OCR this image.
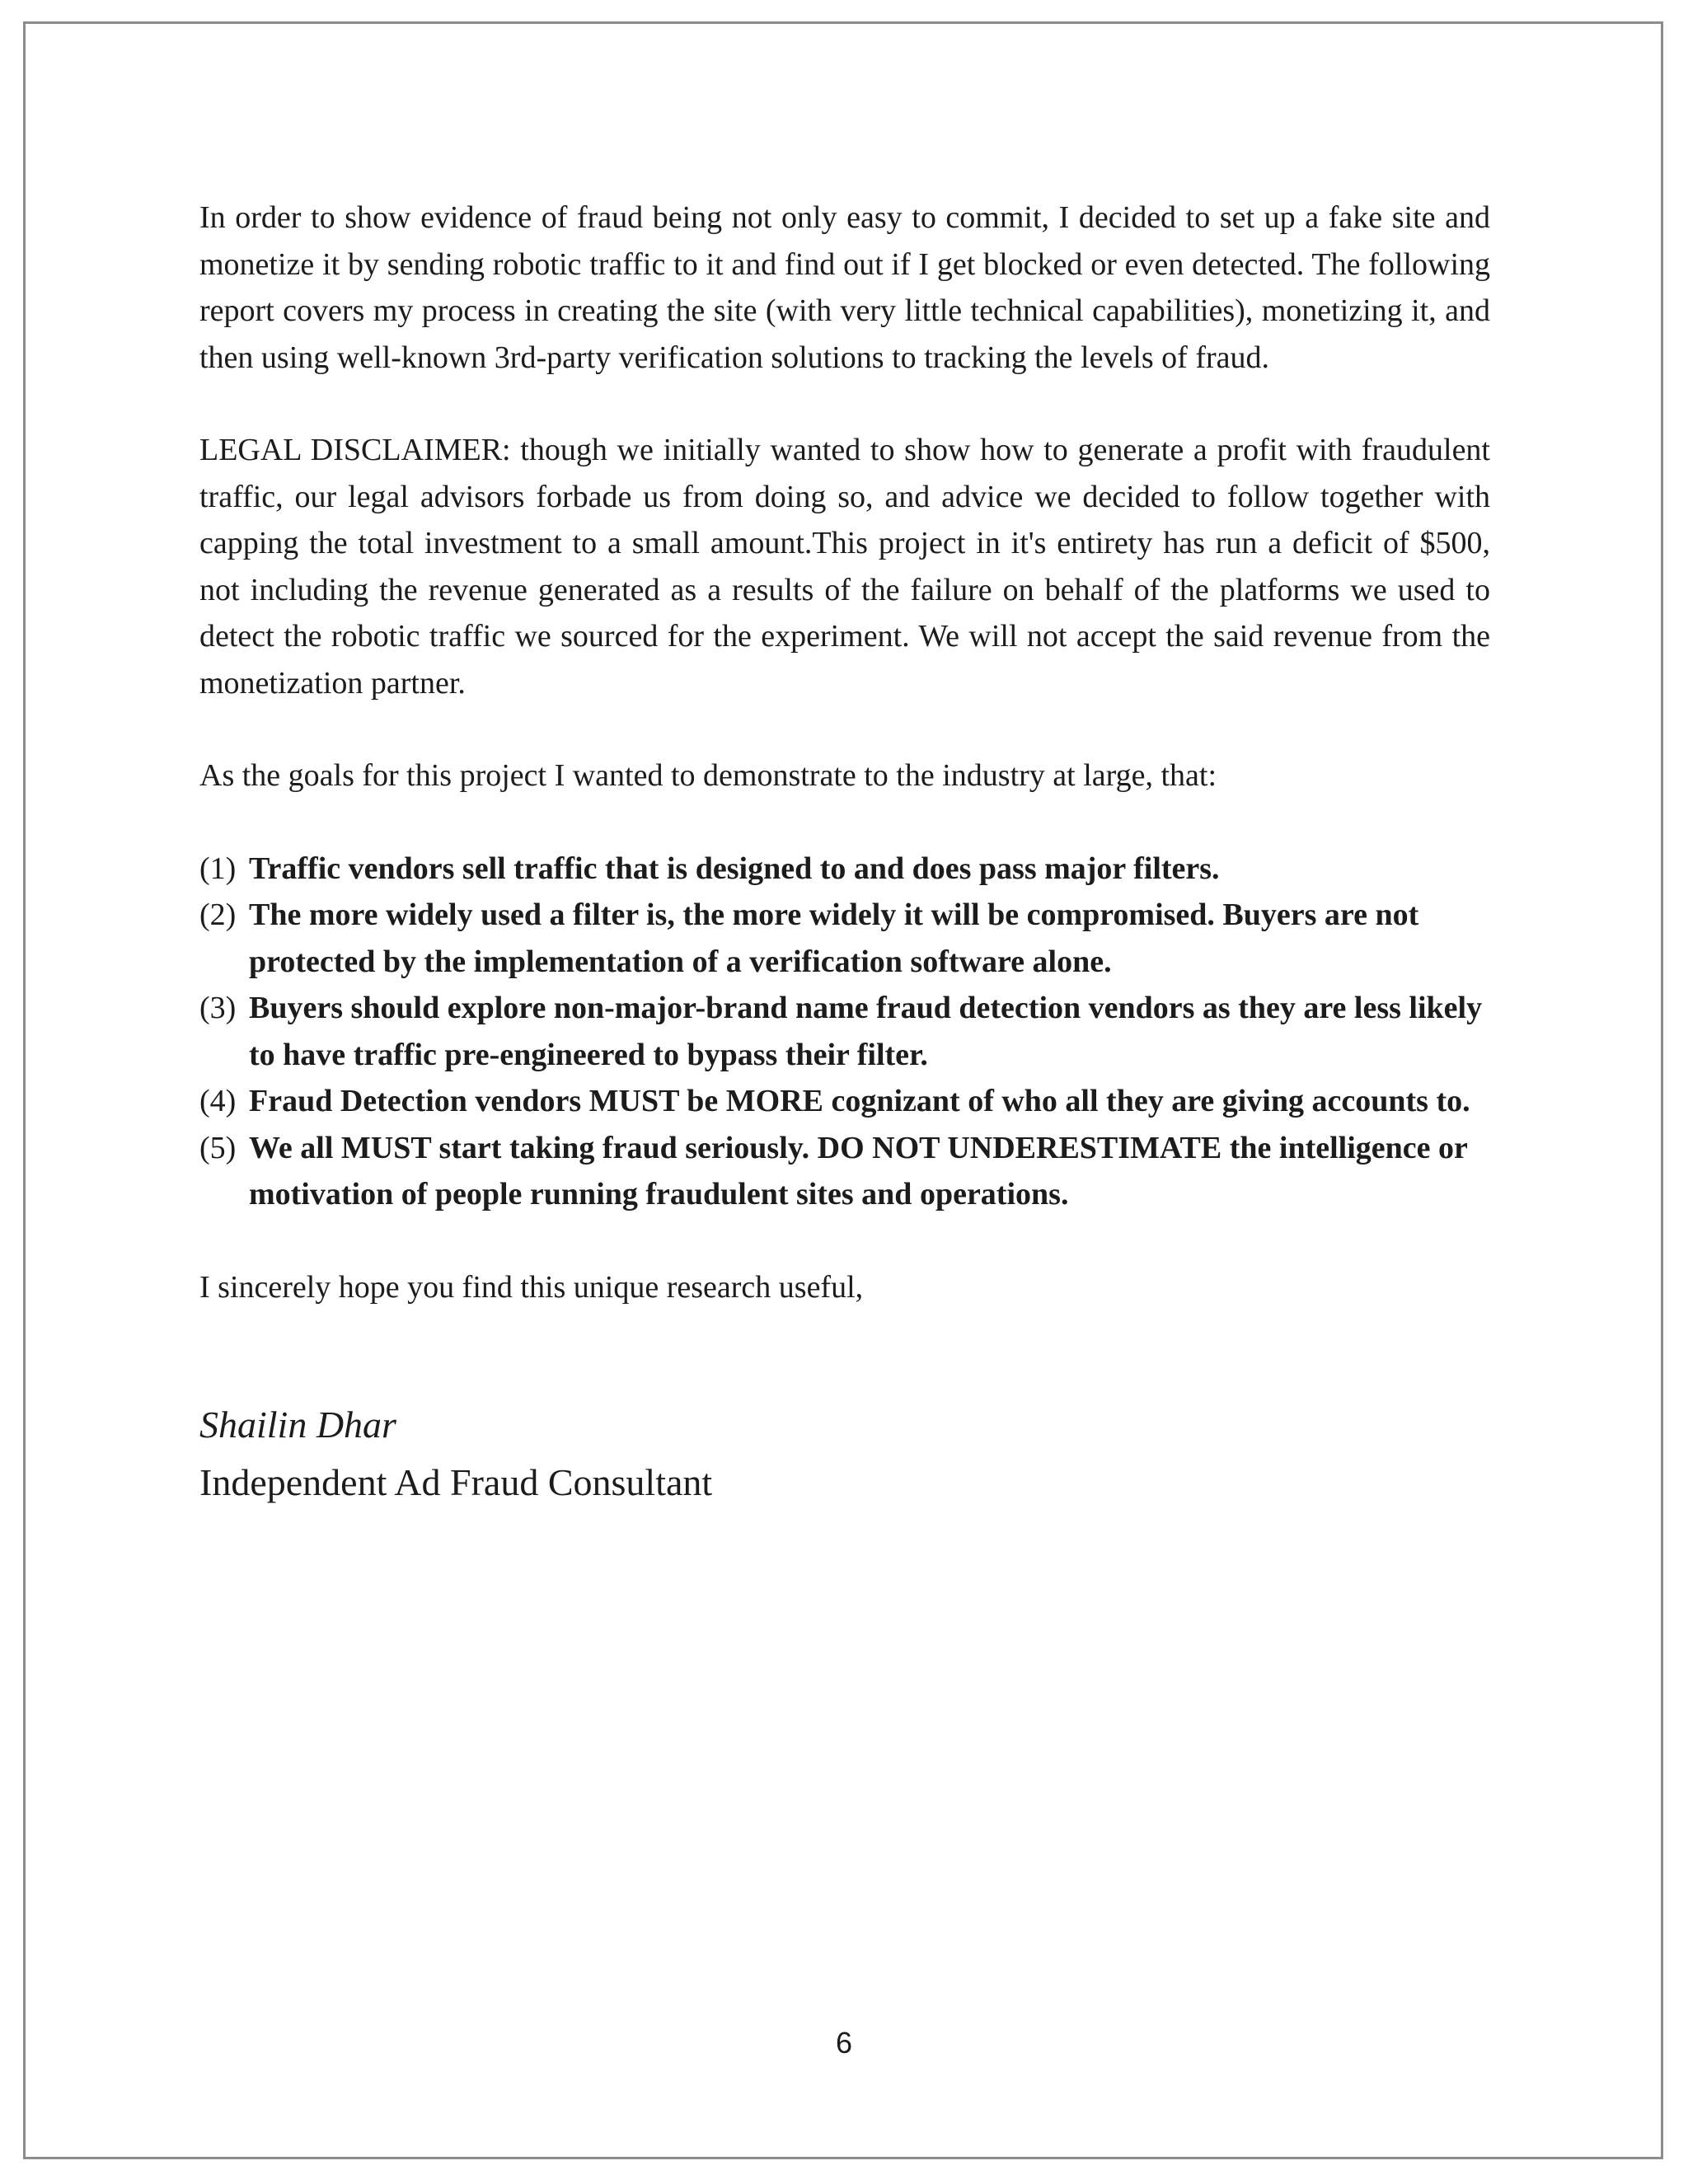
In order to show evidence of fraud being not only easy to commit, I decided to set up a fake site and monetize it by sending robotic traffic to it and find out if I get blocked or even detected. The following report covers my process in creating the site (with very little technical capabilities), monetizing it, and then using well-known 3rd-party verification solutions to tracking the levels of fraud.

LEGAL DISCLAIMER: though we initially wanted to show how to generate a profit with fraudulent traffic, our legal advisors forbade us from doing so, and advice we decided to follow together with capping the total investment to a small amount.This project in it's entirety has run a deficit of $500, not including the revenue generated as a results of the failure on behalf of the platforms we used to detect the robotic traffic we sourced for the experiment. We will not accept the said revenue from the monetization partner.

As the goals for this project I wanted to demonstrate to the industry at large, that:

(1) Traffic vendors sell traffic that is designed to and does pass major filters.
(2) The more widely used a filter is, the more widely it will be compromised. Buyers are not protected by the implementation of a verification software alone.
(3) Buyers should explore non-major-brand name fraud detection vendors as they are less likely to have traffic pre-engineered to bypass their filter.
(4) Fraud Detection vendors MUST be MORE cognizant of who all they are giving accounts to.
(5) We all MUST start taking fraud seriously. DO NOT UNDERESTIMATE the intelligence or motivation of people running fraudulent sites and operations.

I sincerely hope you find this unique research useful,

Shailin Dhar
Independent Ad Fraud Consultant
6
